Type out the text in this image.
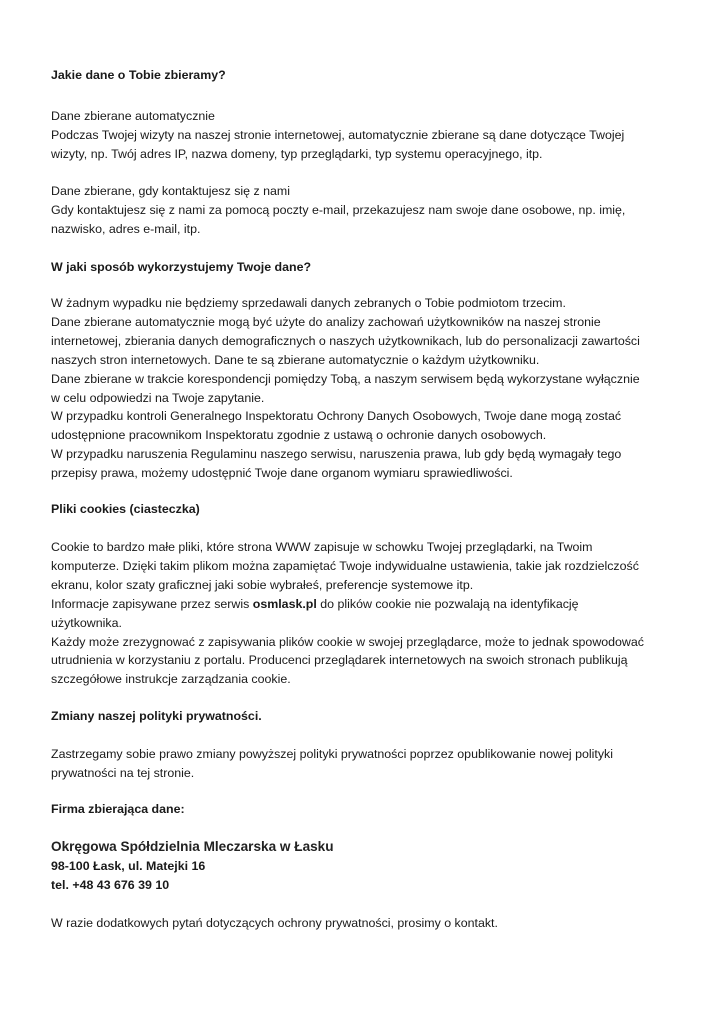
Jakie dane o Tobie zbieramy?

Dane zbierane automatycznie
Podczas Twojej wizyty na naszej stronie internetowej, automatycznie zbierane są dane dotyczące Twojej
wizyty, np. Twój adres IP, nazwa domeny, typ przeglądarki, typ systemu operacyjnego, itp.

Dane zbierane, gdy kontaktujesz się z nami
Gdy kontaktujesz się z nami za pomocą poczty e-mail, przekazujesz nam swoje dane osobowe, np. imię,
nazwisko, adres e-mail, itp.

W jaki sposób wykorzystujemy Twoje dane?

W żadnym wypadku nie będziemy sprzedawali danych zebranych o Tobie podmiotom trzecim.
Dane zbierane automatycznie mogą być użyte do analizy zachowań użytkowników na naszej stronie
internetowej, zbierania danych demograficznych o naszych użytkownikach, lub do personalizacji zawartości
naszych stron internetowych. Dane te są zbierane automatycznie o każdym użytkowniku.
Dane zbierane w trakcie korespondencji pomiędzy Tobą, a naszym serwisem będą wykorzystane wyłącznie
w celu odpowiedzi na Twoje zapytanie.
W przypadku kontroli Generalnego Inspektoratu Ochrony Danych Osobowych, Twoje dane mogą zostać
udostępnione pracownikom Inspektoratu zgodnie z ustawą o ochronie danych osobowych.
W przypadku naruszenia Regulaminu naszego serwisu, naruszenia prawa, lub gdy będą wymagały tego
przepisy prawa, możemy udostępnić Twoje dane organom wymiaru sprawiedliwości.

Pliki cookies (ciasteczka)

Cookie to bardzo małe pliki, które strona WWW zapisuje w schowku Twojej przeglądarki, na Twoim
komputerze. Dzięki takim plikom można zapamiętać Twoje indywidualne ustawienia, takie jak rozdzielczość
ekranu, kolor szaty graficznej jaki sobie wybrałeś, preferencje systemowe itp.
Informacje zapisywane przez serwis osmlask.pl do plików cookie nie pozwalają na identyfikację
użytkownika.
Każdy może zrezygnować z zapisywania plików cookie w swojej przeglądarce, może to jednak spowodować
utrudnienia w korzystaniu z portalu. Producenci przeglądarek internetowych na swoich stronach publikują
szczegółowe instrukcje zarządzania cookie.

Zmiany naszej polityki prywatności.

Zastrzegamy sobie prawo zmiany powyższej polityki prywatności poprzez opublikowanie nowej polityki
prywatności na tej stronie.

Firma zbierająca dane:

Okręgowa Spółdzielnia Mleczarska w Łasku
98-100 Łask, ul. Matejki 16
tel. +48 43 676 39 10

W razie dodatkowych pytań dotyczących ochrony prywatności, prosimy o kontakt.
